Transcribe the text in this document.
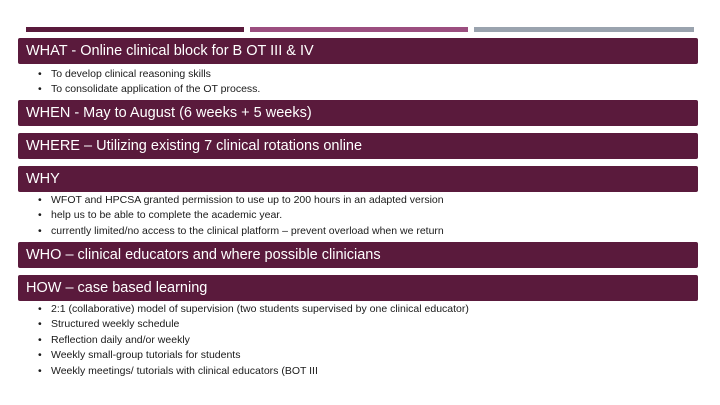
WHAT - Online clinical block for B OT III & IV
• To develop clinical reasoning skills
• To consolidate application of the OT process.
WHEN - May to August (6 weeks + 5 weeks)
WHERE – Utilizing existing 7 clinical rotations online
WHY
• WFOT and HPCSA granted permission to use up to 200 hours in an adapted version
• help us to be able to complete the academic year.
• currently limited/no access to the clinical platform – prevent overload when we return
WHO – clinical educators and where possible clinicians
HOW – case based learning
• 2:1 (collaborative) model of supervision (two students supervised by one clinical educator)
• Structured weekly schedule
• Reflection daily and/or weekly
• Weekly small-group tutorials for students
• Weekly meetings/ tutorials with clinical educators (BOT III
